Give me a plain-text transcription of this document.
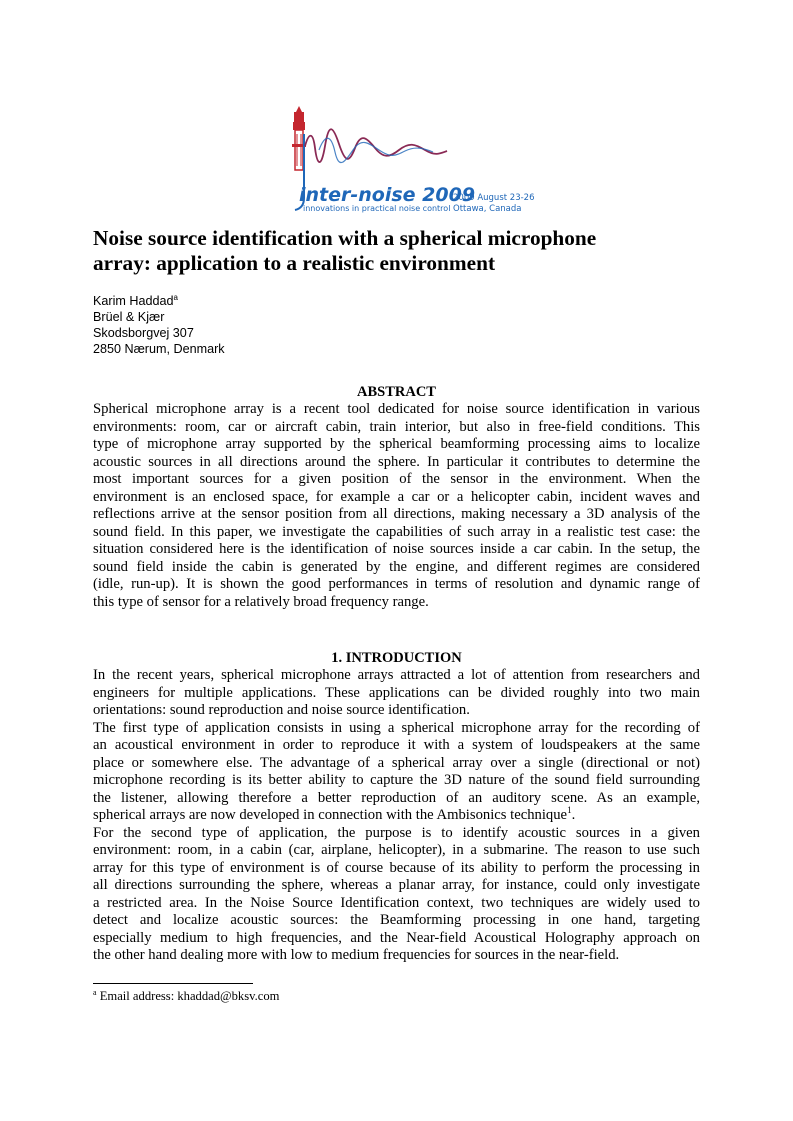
inter-noise 2009
innovations in practical noise control
2009 August 23-26
Ottawa, Canada
Noise source identification with a spherical microphone
array: application to a realistic environment
Karim Haddad$^a$
Brüel & Kjær
Skodsborgvej 307
2850 Nærum, Denmark
ABSTRACT
Spherical microphone array is a recent tool dedicated for noise source identification in various
environments: room, car or aircraft cabin, train interior, but also in free-field conditions. This
type of microphone array supported by the spherical beamforming processing aims to localize
acoustic sources in all directions around the sphere. In particular it contributes to determine the
most important sources for a given position of the sensor in the environment. When the
environment is an enclosed space, for example a car or a helicopter cabin, incident waves and
reflections arrive at the sensor position from all directions, making necessary a 3D analysis of the
sound field. In this paper, we investigate the capabilities of such array in a realistic test case: the
situation considered here is the identification of noise sources inside a car cabin. In the setup, the
sound field inside the cabin is generated by the engine, and different regimes are considered
(idle, run-up). It is shown the good performances in terms of resolution and dynamic range of
this type of sensor for a relatively broad frequency range.
1. INTRODUCTION
In the recent years, spherical microphone arrays attracted a lot of attention from researchers and
engineers for multiple applications. These applications can be divided roughly into two main
orientations: sound reproduction and noise source identification.
The first type of application consists in using a spherical microphone array for the recording of
an acoustical environment in order to reproduce it with a system of loudspeakers at the same
place or somewhere else. The advantage of a spherical array over a single (directional or not)
microphone recording is its better ability to capture the 3D nature of the sound field surrounding
the listener, allowing therefore a better reproduction of an auditory scene. As an example,
spherical arrays are now developed in connection with the Ambisonics technique$^1$.
For the second type of application, the purpose is to identify acoustic sources in a given
environment: room, in a cabin (car, airplane, helicopter), in a submarine. The reason to use such
array for this type of environment is of course because of its ability to perform the processing in
all directions surrounding the sphere, whereas a planar array, for instance, could only investigate
a restricted area. In the Noise Source Identification context, two techniques are widely used to
detect and localize acoustic sources: the Beamforming processing in one hand, targeting
especially medium to high frequencies, and the Near-field Acoustical Holography approach on
the other hand dealing more with low to medium frequencies for sources in the near-field.
$^a$ Email address: khaddad@bksv.com
